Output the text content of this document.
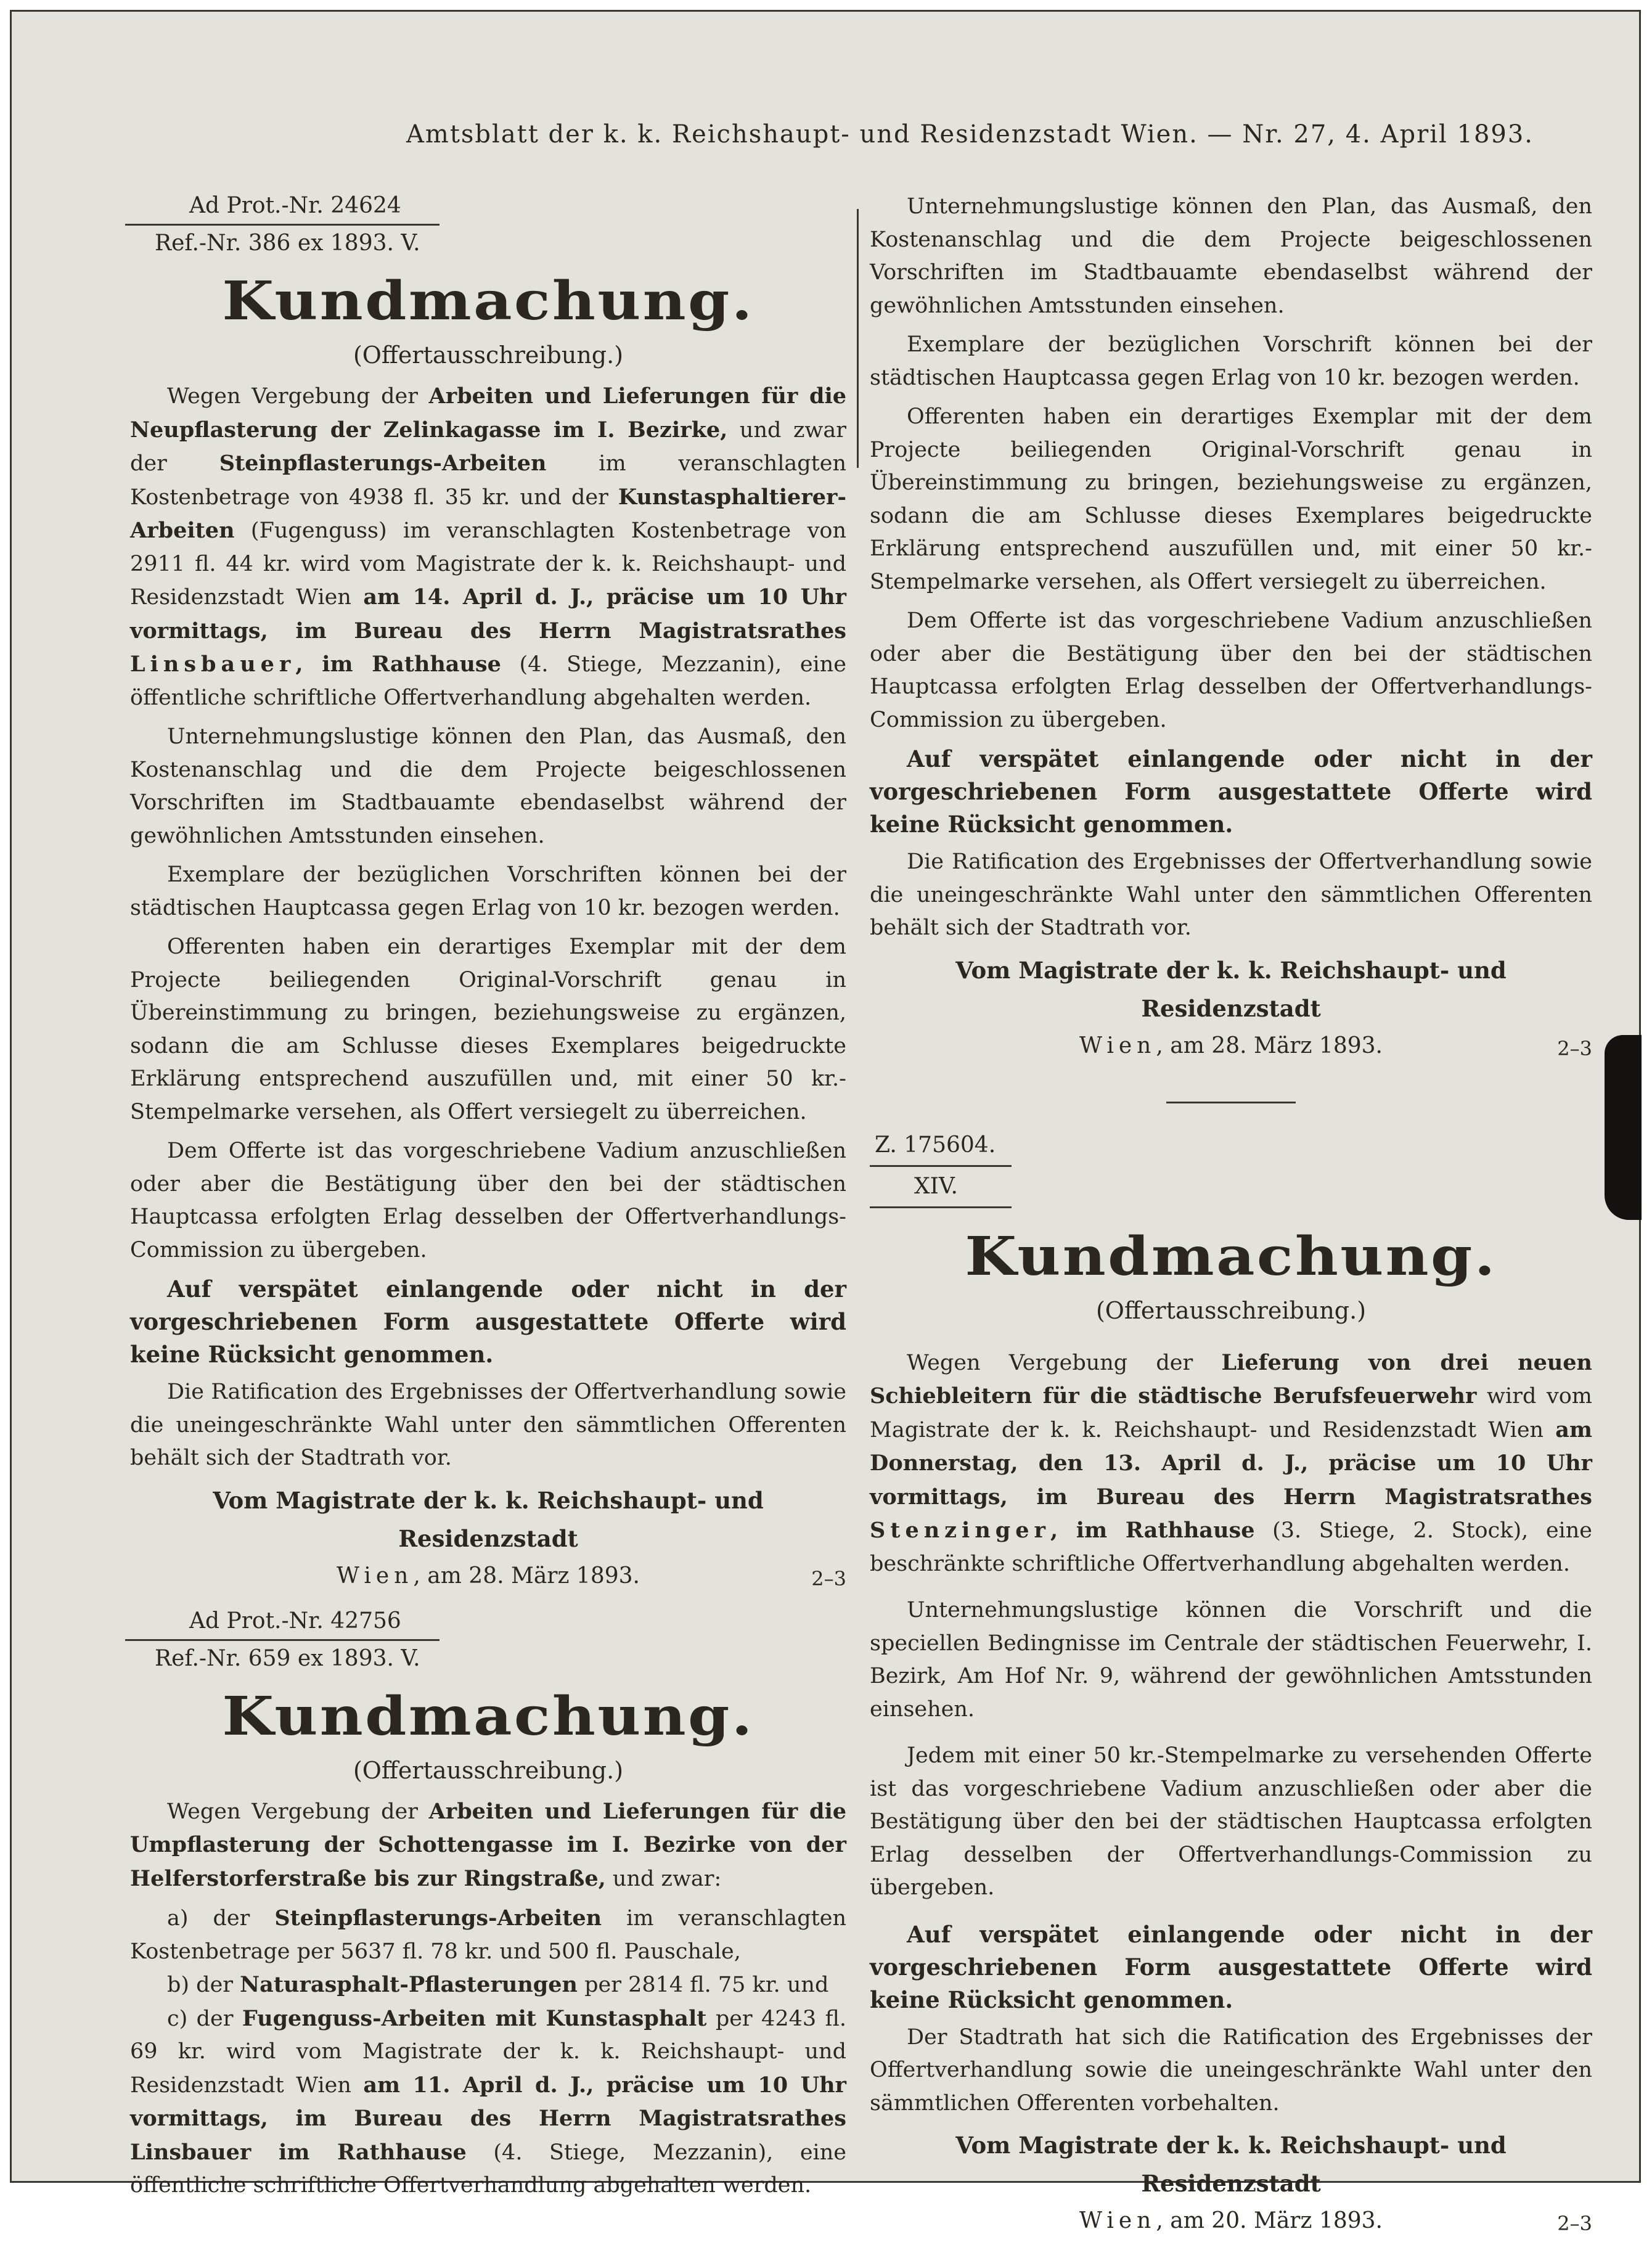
Amtsblatt der k. k. Reichshaupt- und Residenzstadt Wien. — Nr. 27, 4. April 1893.
Ad Prot.-Nr. 24624
Ref.-Nr. 386 ex 1893. V.
Kundmachung.
(Offertausschreibung.)

Wegen Vergebung der Arbeiten und Lieferungen für die Neupflasterung der Zelinkagasse im I. Bezirke, und zwar der Steinpflasterungs-Arbeiten im veranschlagten Kostenbetrage von 4938 fl. 35 kr. und der Kunstasphaltierer-Arbeiten (Fugenguss) im veranschlagten Kostenbetrage von 2911 fl. 44 kr. wird vom Magistrate der k. k. Reichshaupt- und Residenzstadt Wien am 14. April d. J., präcise um 10 Uhr vormittags, im Bureau des Herrn Magistratsrathes Linsbauer, im Rathhause (4. Stiege, Mezzanin), eine öffentliche schriftliche Offertverhandlung abgehalten werden.

Unternehmungslustige können den Plan, das Ausmaß, den Kostenanschlag und die dem Projecte beigeschlossenen Vorschriften im Stadtbauamte ebendaselbst während der gewöhnlichen Amtsstunden einsehen.

Exemplare der bezüglichen Vorschriften können bei der städtischen Hauptcassa gegen Erlag von 10 kr. bezogen werden.

Offerenten haben ein derartiges Exemplar mit der dem Projecte beiliegenden Original-Vorschrift genau in Übereinstimmung zu bringen, beziehungsweise zu ergänzen, sodann die am Schlusse dieses Exemplares beigedruckte Erklärung entsprechend auszufüllen und, mit einer 50 kr.-Stempelmarke versehen, als Offert versiegelt zu überreichen.

Dem Offerte ist das vorgeschriebene Vadium anzuschließen oder aber die Bestätigung über den bei der städtischen Hauptcassa erfolgten Erlag desselben der Offertverhandlungs-Commission zu übergeben.

Auf verspätet einlangende oder nicht in der vorgeschriebenen Form ausgestattete Offerte wird keine Rücksicht genommen.

Die Ratification des Ergebnisses der Offertverhandlung sowie die uneingeschränkte Wahl unter den sämmtlichen Offerenten behält sich der Stadtrath vor.

Vom Magistrate der k. k. Reichshaupt- und Residenzstadt
Wien, am 28. März 1893.	2–3
Ad Prot.-Nr. 42756
Ref.-Nr. 659 ex 1893. V.
Kundmachung.
(Offertausschreibung.)

Wegen Vergebung der Arbeiten und Lieferungen für die Umpflasterung der Schottengasse im I. Bezirke von der Helferstorferstraße bis zur Ringstraße, und zwar:

a) der Steinpflasterungs-Arbeiten im veranschlagten Kostenbetrage per 5637 fl. 78 kr. und 500 fl. Pauschale,

b) der Naturasphalt-Pflasterungen per 2814 fl. 75 kr. und

c) der Fugenguss-Arbeiten mit Kunstasphalt per 4243 fl. 69 kr. wird vom Magistrate der k. k. Reichshaupt- und Residenzstadt Wien am 11. April d. J., präcise um 10 Uhr vormittags, im Bureau des Herrn Magistratsrathes Linsbauer im Rathhause (4. Stiege, Mezzanin), eine öffentliche schriftliche Offertverhandlung abgehalten werden.

Unternehmungslustige können den Plan, das Ausmaß, den Kostenanschlag und die dem Projecte beigeschlossenen Vorschriften im Stadtbauamte ebendaselbst während der gewöhnlichen Amtsstunden einsehen.

Exemplare der bezüglichen Vorschrift können bei der städtischen Hauptcassa gegen Erlag von 10 kr. bezogen werden.

Offerenten haben ein derartiges Exemplar mit der dem Projecte beiliegenden Original-Vorschrift genau in Übereinstimmung zu bringen, beziehungsweise zu ergänzen, sodann die am Schlusse dieses Exemplares beigedruckte Erklärung entsprechend auszufüllen und, mit einer 50 kr.-Stempelmarke versehen, als Offert versiegelt zu überreichen.

Dem Offerte ist das vorgeschriebene Vadium anzuschließen oder aber die Bestätigung über den bei der städtischen Hauptcassa erfolgten Erlag desselben der Offertverhandlungs-Commission zu übergeben.

Auf verspätet einlangende oder nicht in der vorgeschriebenen Form ausgestattete Offerte wird keine Rücksicht genommen.

Die Ratification des Ergebnisses der Offertverhandlung sowie die uneingeschränkte Wahl unter den sämmtlichen Offerenten behält sich der Stadtrath vor.

Vom Magistrate der k. k. Reichshaupt- und Residenzstadt
Wien, am 28. März 1893.	2–3
Z. 175604.
XIV.
Kundmachung.
(Offertausschreibung.)

Wegen Vergebung der Lieferung von drei neuen Schiebleitern für die städtische Berufsfeuerwehr wird vom Magistrate der k. k. Reichshaupt- und Residenzstadt Wien am Donnerstag, den 13. April d. J., präcise um 10 Uhr vormittags, im Bureau des Herrn Magistratsrathes Stenzinger, im Rathhause (3. Stiege, 2. Stock), eine beschränkte schriftliche Offertverhandlung abgehalten werden.

Unternehmungslustige können die Vorschrift und die speciellen Bedingnisse im Centrale der städtischen Feuerwehr, I. Bezirk, Am Hof Nr. 9, während der gewöhnlichen Amtsstunden einsehen.

Jedem mit einer 50 kr.-Stempelmarke zu versehenden Offerte ist das vorgeschriebene Vadium anzuschließen oder aber die Bestätigung über den bei der städtischen Hauptcassa erfolgten Erlag desselben der Offertverhandlungs-Commission zu übergeben.

Auf verspätet einlangende oder nicht in der vorgeschriebenen Form ausgestattete Offerte wird keine Rücksicht genommen.

Der Stadtrath hat sich die Ratification des Ergebnisses der Offertverhandlung sowie die uneingeschränkte Wahl unter den sämmtlichen Offerenten vorbehalten.

Vom Magistrate der k. k. Reichshaupt- und Residenzstadt
Wien, am 20. März 1893.	2–3
